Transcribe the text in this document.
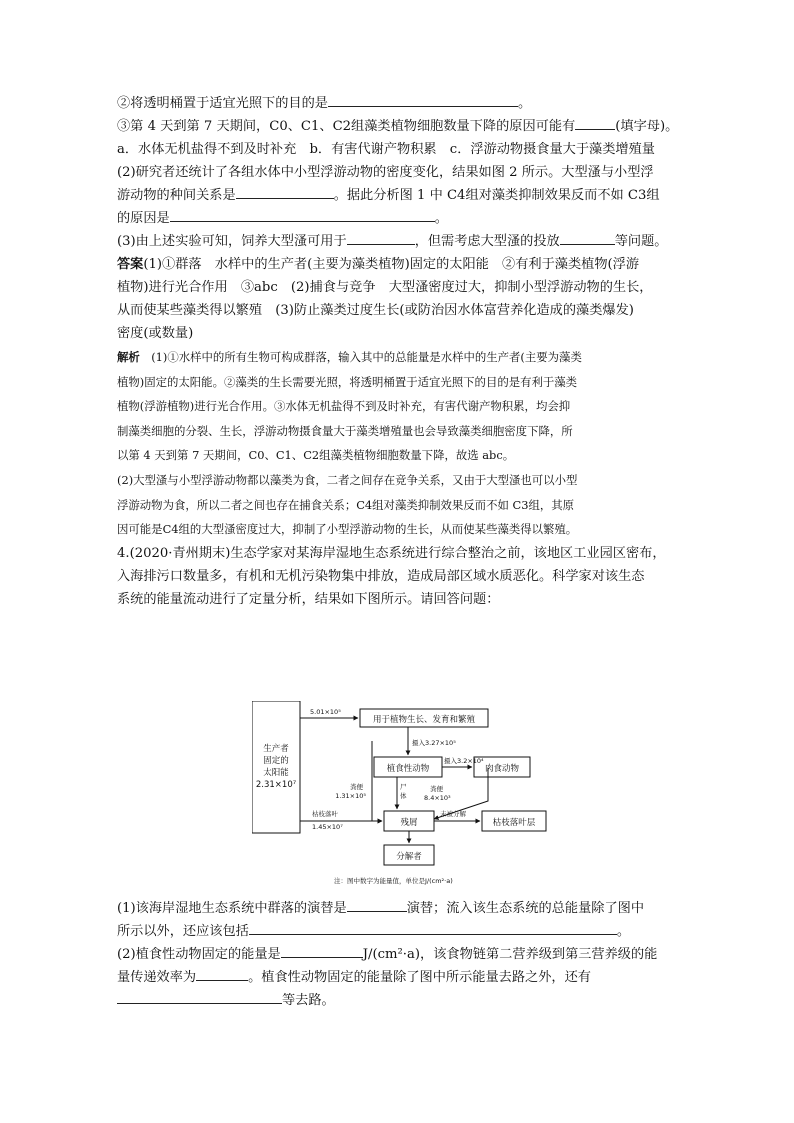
②将透明桶置于适宜光照下的目的是	。
③第 4 天到第 7 天期间，C0、C1、C2组藻类植物细胞数量下降的原因可能有	(填字母)。
a．水体无机盐得不到及时补充　b．有害代谢产物积累　c．浮游动物摄食量大于藻类增殖量
(2)研究者还统计了各组水体中小型浮游动物的密度变化，结果如图 2 所示。大型溞与小型浮
游动物的种间关系是	。据此分析图 1 中 C4组对藻类抑制效果反而不如 C3组
的原因是	。
(3)由上述实验可知，饲养大型溞可用于	，但需考虑大型溞的投放	等问题。
答案(1)①群落　水样中的生产者(主要为藻类植物)固定的太阳能　②有利于藻类植物(浮游
植物)进行光合作用　③abc　(2)捕食与竞争　大型溞密度过大，抑制小型浮游动物的生长，
从而使某些藻类得以繁殖　(3)防止藻类过度生长(或防治因水体富营养化造成的藻类爆发)
密度(或数量)
解析　(1)①水样中的所有生物可构成群落，输入其中的总能量是水样中的生产者(主要为藻类
植物)固定的太阳能。②藻类的生长需要光照，将透明桶置于适宜光照下的目的是有利于藻类
植物(浮游植物)进行光合作用。③水体无机盐得不到及时补充，有害代谢产物积累，均会抑
制藻类细胞的分裂、生长，浮游动物摄食量大于藻类增殖量也会导致藻类细胞密度下降，所
以第 4 天到第 7 天期间，C0、C1、C2组藻类植物细胞数量下降，故选 abc。
(2)大型溞与小型浮游动物都以藻类为食，二者之间存在竞争关系，又由于大型溞也可以小型
浮游动物为食，所以二者之间也存在捕食关系；C4组对藻类抑制效果反而不如 C3组，其原
因可能是C4组的大型溞密度过大，抑制了小型浮游动物的生长，从而使某些藻类得以繁殖。
4.(2020·青州期末)生态学家对某海岸湿地生态系统进行综合整治之前，该地区工业园区密布，
入海排污口数量多，有机和无机污染物集中排放，造成局部区域水质恶化。科学家对该生态
系统的能量流动进行了定量分析，结果如下图所示。请回答问题：
生产者
固定的
太阳能
2.31×10⁷
用于植物生长、发育和繁殖
植食性动物	肉食动物
残屑	枯枝落叶层
分解者
5.01×10⁵
摄入3.27×10⁵
摄入3.2×10⁴
粪便
1.31×10⁵
尸
体
粪便
8.4×10³
枯枝落叶
1.45×10⁷
未被分解
注：图中数字为能量值，单位是J/(cm²·a)
(1)该海岸湿地生态系统中群落的演替是	演替；流入该生态系统的总能量除了图中
所示以外，还应该包括	。
(2)植食性动物固定的能量是	J/(cm²·a)，该食物链第二营养级到第三营养级的能
量传递效率为	。植食性动物固定的能量除了图中所示能量去路之外，还有
等去路。
